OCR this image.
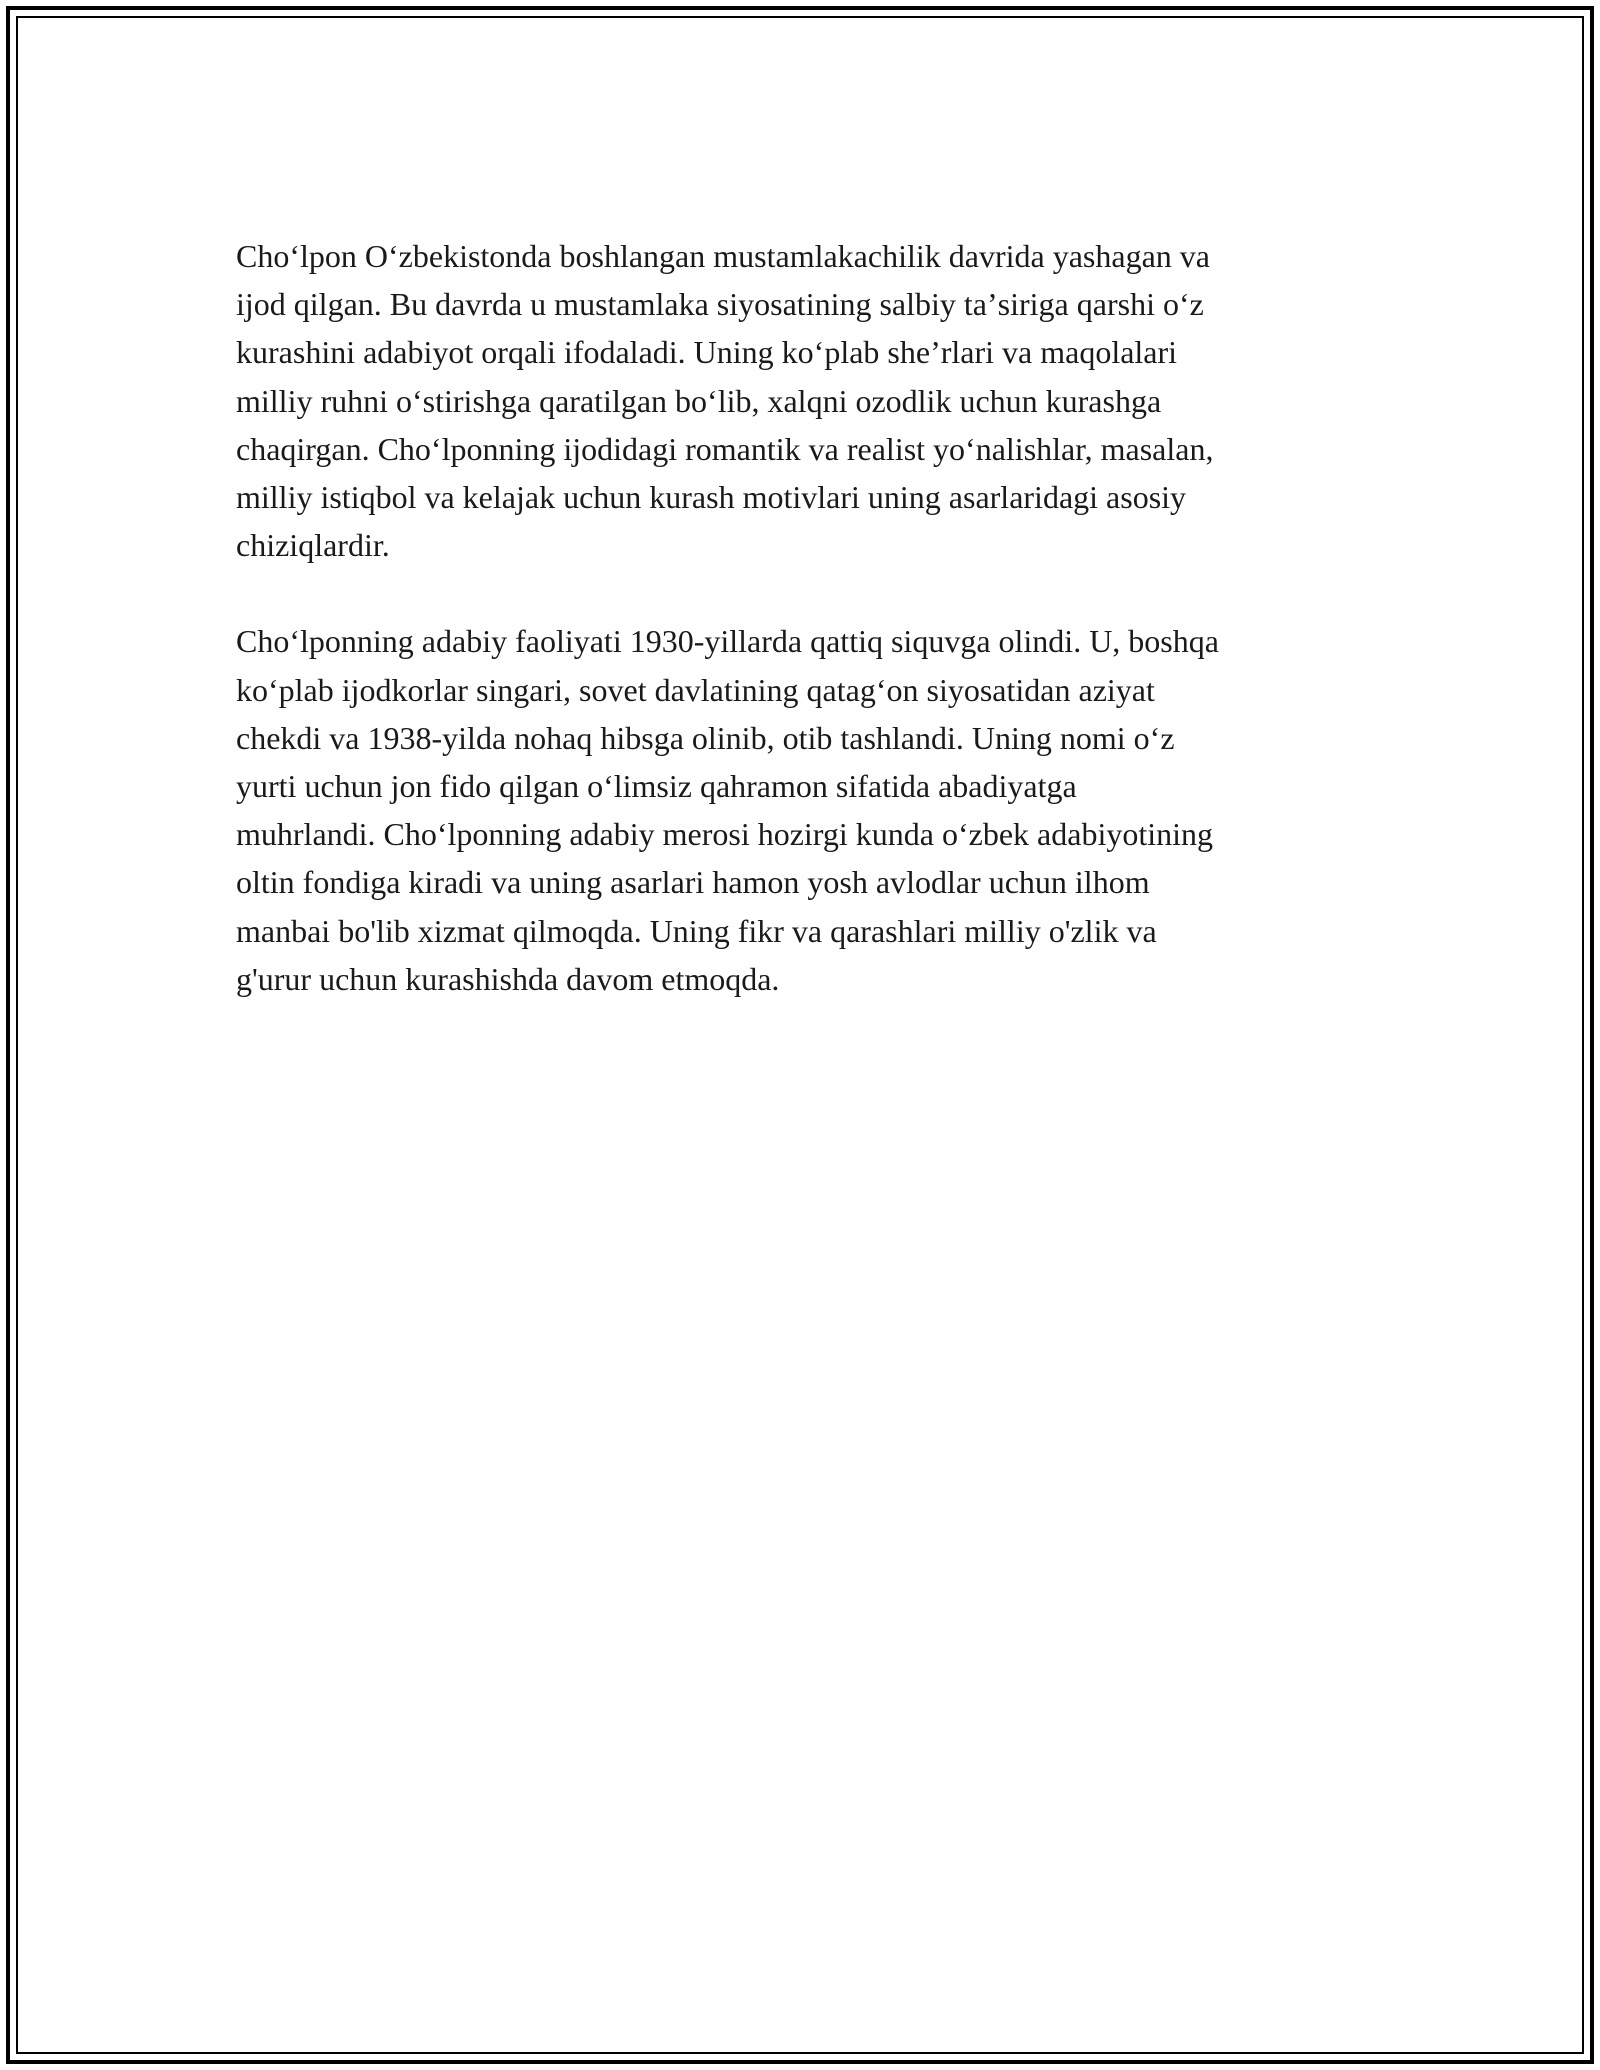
Choʻlpon Oʻzbekistonda boshlangan mustamlakachilik davrida yashagan va
ijod qilgan. Bu davrda u mustamlaka siyosatining salbiy taʼsiriga qarshi oʻz
kurashini adabiyot orqali ifodaladi. Uning koʻplab sheʼrlari va maqolalari
milliy ruhni oʻstirishga qaratilgan boʻlib, xalqni ozodlik uchun kurashga
chaqirgan. Choʻlponning ijodidagi romantik va realist yoʻnalishlar, masalan,
milliy istiqbol va kelajak uchun kurash motivlari uning asarlaridagi asosiy
chiziqlardir.

Choʻlponning adabiy faoliyati 1930-yillarda qattiq siquvga olindi. U, boshqa
koʻplab ijodkorlar singari, sovet davlatining qatagʻon siyosatidan aziyat
chekdi va 1938-yilda nohaq hibsga olinib, otib tashlandi. Uning nomi oʻz
yurti uchun jon fido qilgan oʻlimsiz qahramon sifatida abadiyatga
muhrlandi. Choʻlponning adabiy merosi hozirgi kunda oʻzbek adabiyotining
oltin fondiga kiradi va uning asarlari hamon yosh avlodlar uchun ilhom
manbai bo'lib xizmat qilmoqda. Uning fikr va qarashlari milliy o'zlik va
g'urur uchun kurashishda davom etmoqda.
